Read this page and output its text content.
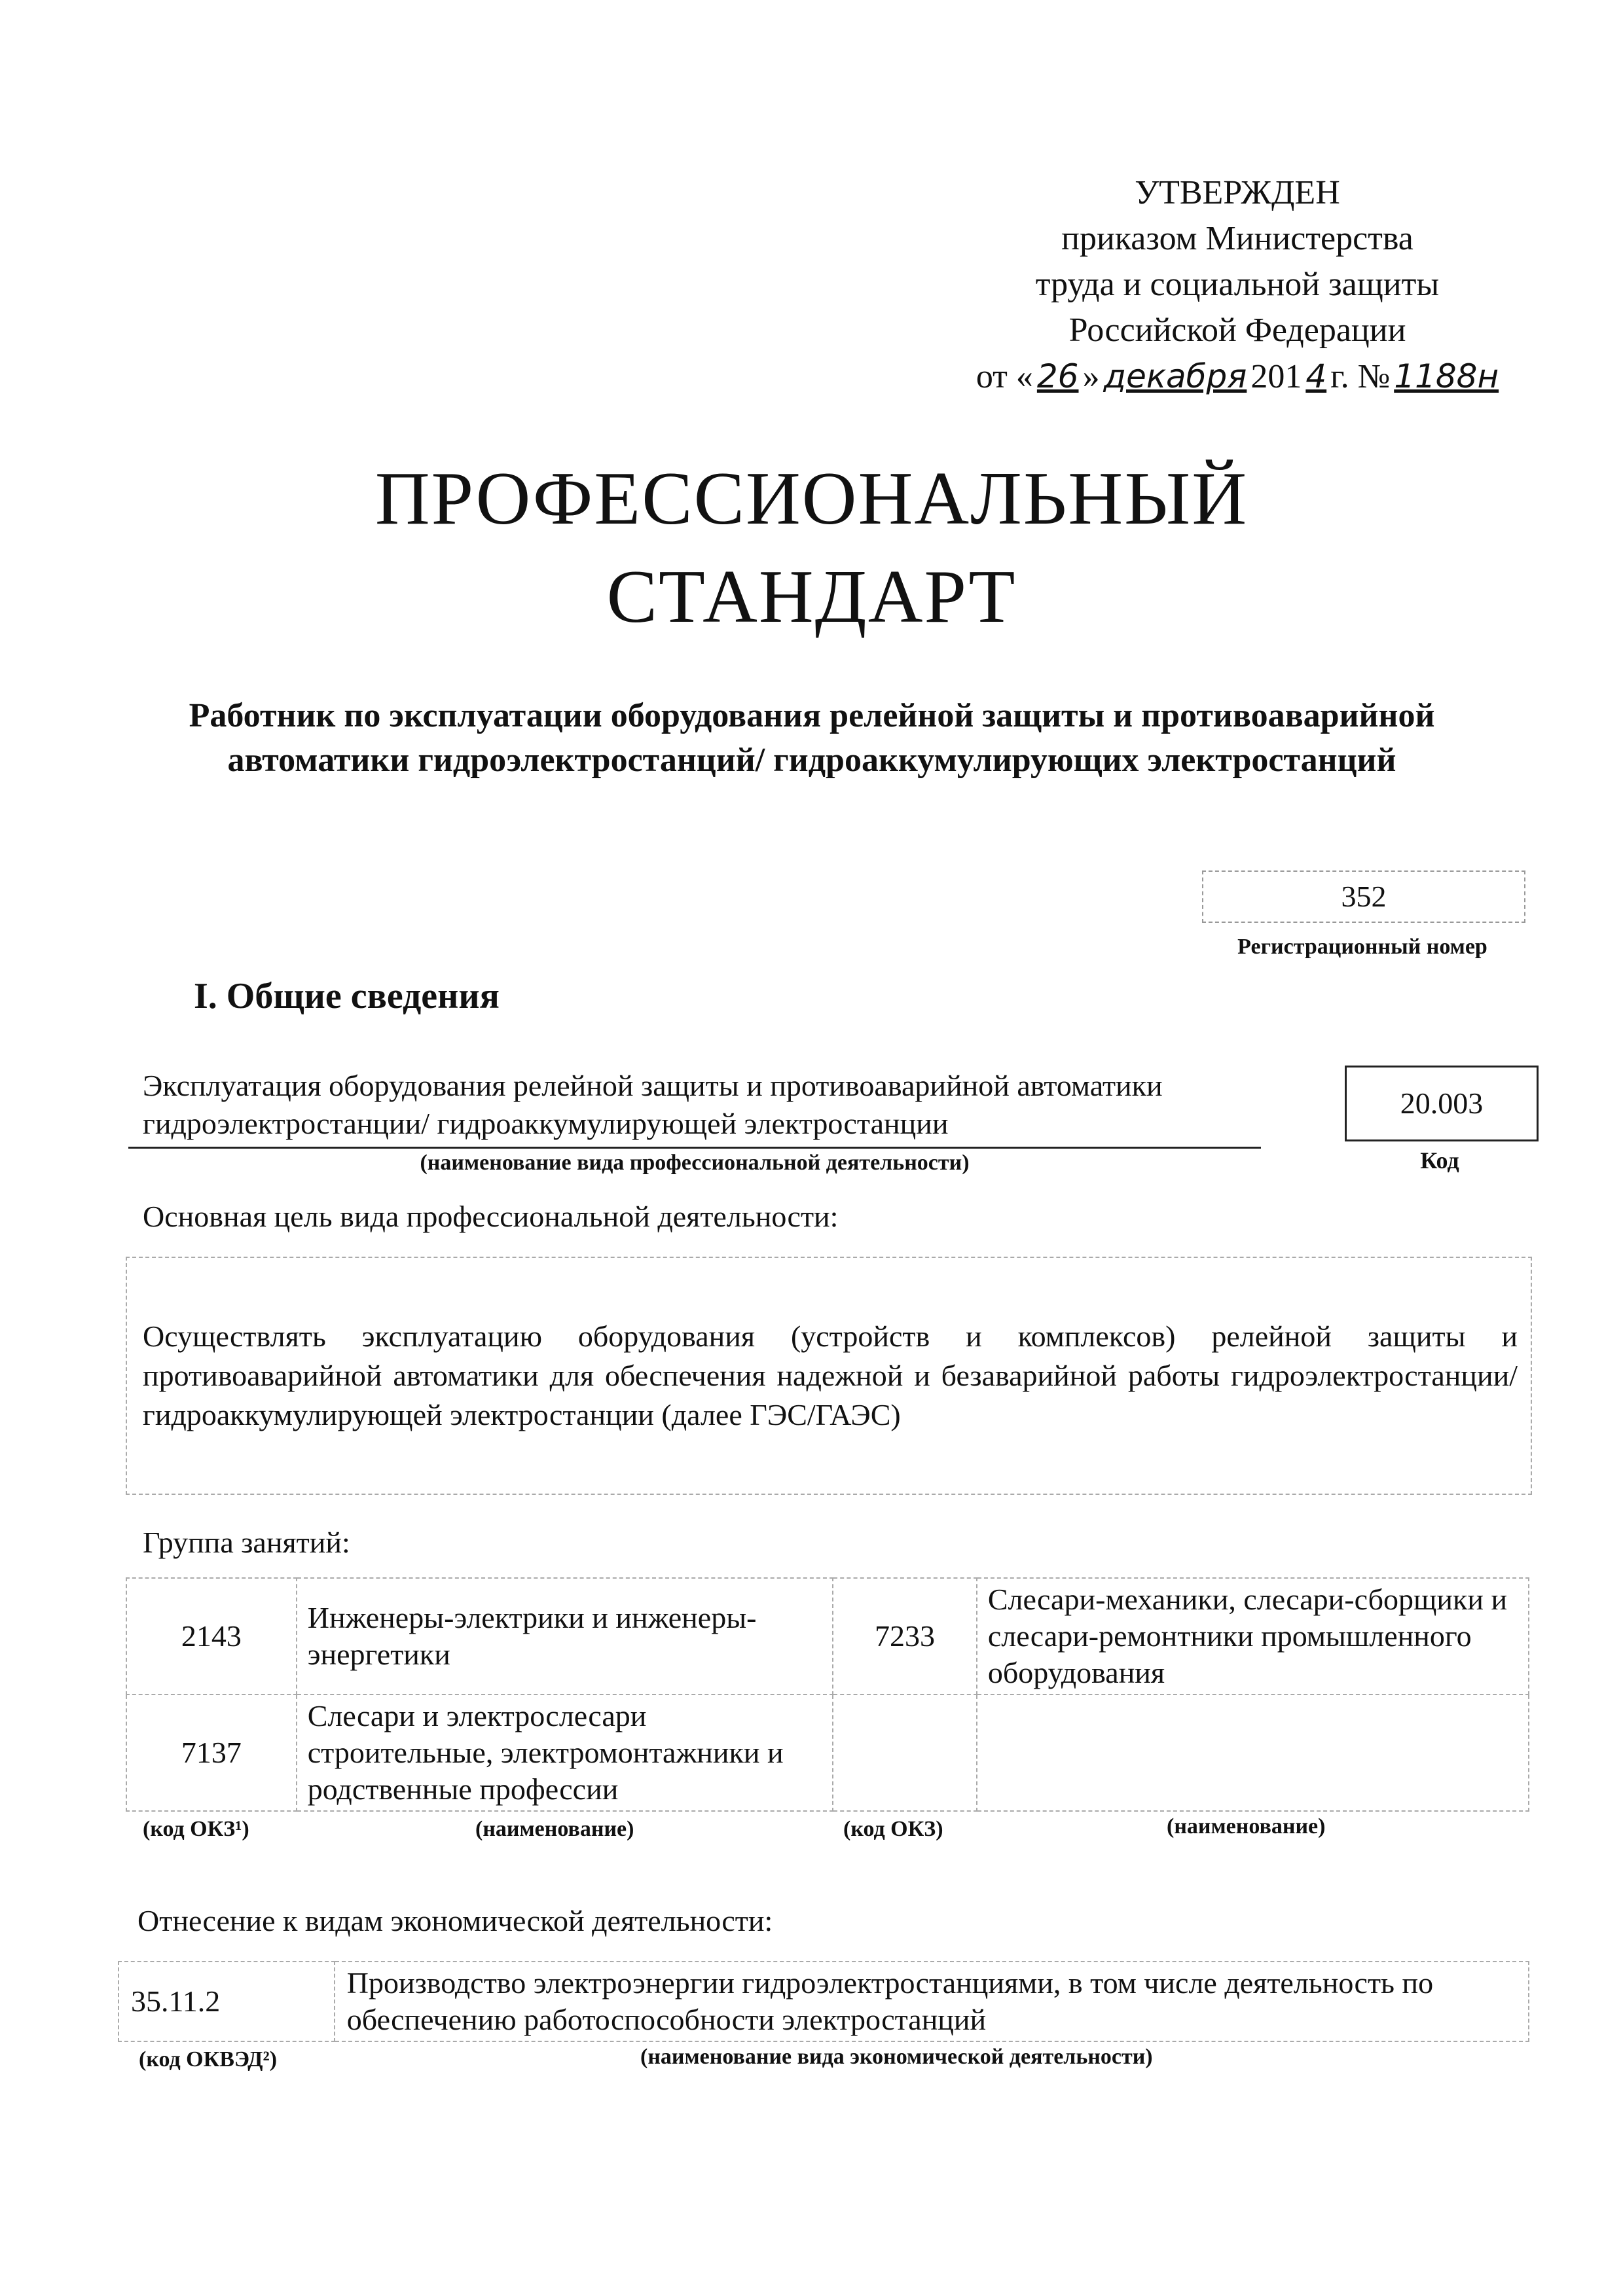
УТВЕРЖДЕН
приказом Министерства
труда и социальной защиты
Российской Федерации
от « 26 » декабря 201 4 г. № 1188н
ПРОФЕССИОНАЛЬНЫЙ
СТАНДАРТ
Работник по эксплуатации оборудования релейной защиты и противоаварийной автоматики гидроэлектростанций/ гидроаккумулирующих электростанций
352
Регистрационный номер
I. Общие сведения
Эксплуатация оборудования релейной защиты и противоаварийной автоматики гидроэлектростанции/ гидроаккумулирующей электростанции
(наименование вида профессиональной деятельности)
20.003
Код
Основная цель вида профессиональной деятельности:
Осуществлять эксплуатацию оборудования (устройств и комплексов) релейной защиты и противоаварийной автоматики для обеспечения надежной и безаварийной работы гидроэлектростанции/ гидроаккумулирующей электростанции (далее ГЭС/ГАЭС)
Группа занятий:
2143	Инженеры-электрики и инженеры-энергетики	7233	Слесари-механики, слесари-сборщики и слесари-ремонтники промышленного оборудования
7137	Слесари и электрослесари строительные, электромонтажники и родственные профессии		
(код ОКЗ¹)	(наименование)	(код ОКЗ)	(наименование)
Отнесение к видам экономической деятельности:
35.11.2	Производство электроэнергии гидроэлектростанциями, в том числе деятельность по обеспечению работоспособности электростанций
(код ОКВЭД²)	(наименование вида экономической деятельности)
